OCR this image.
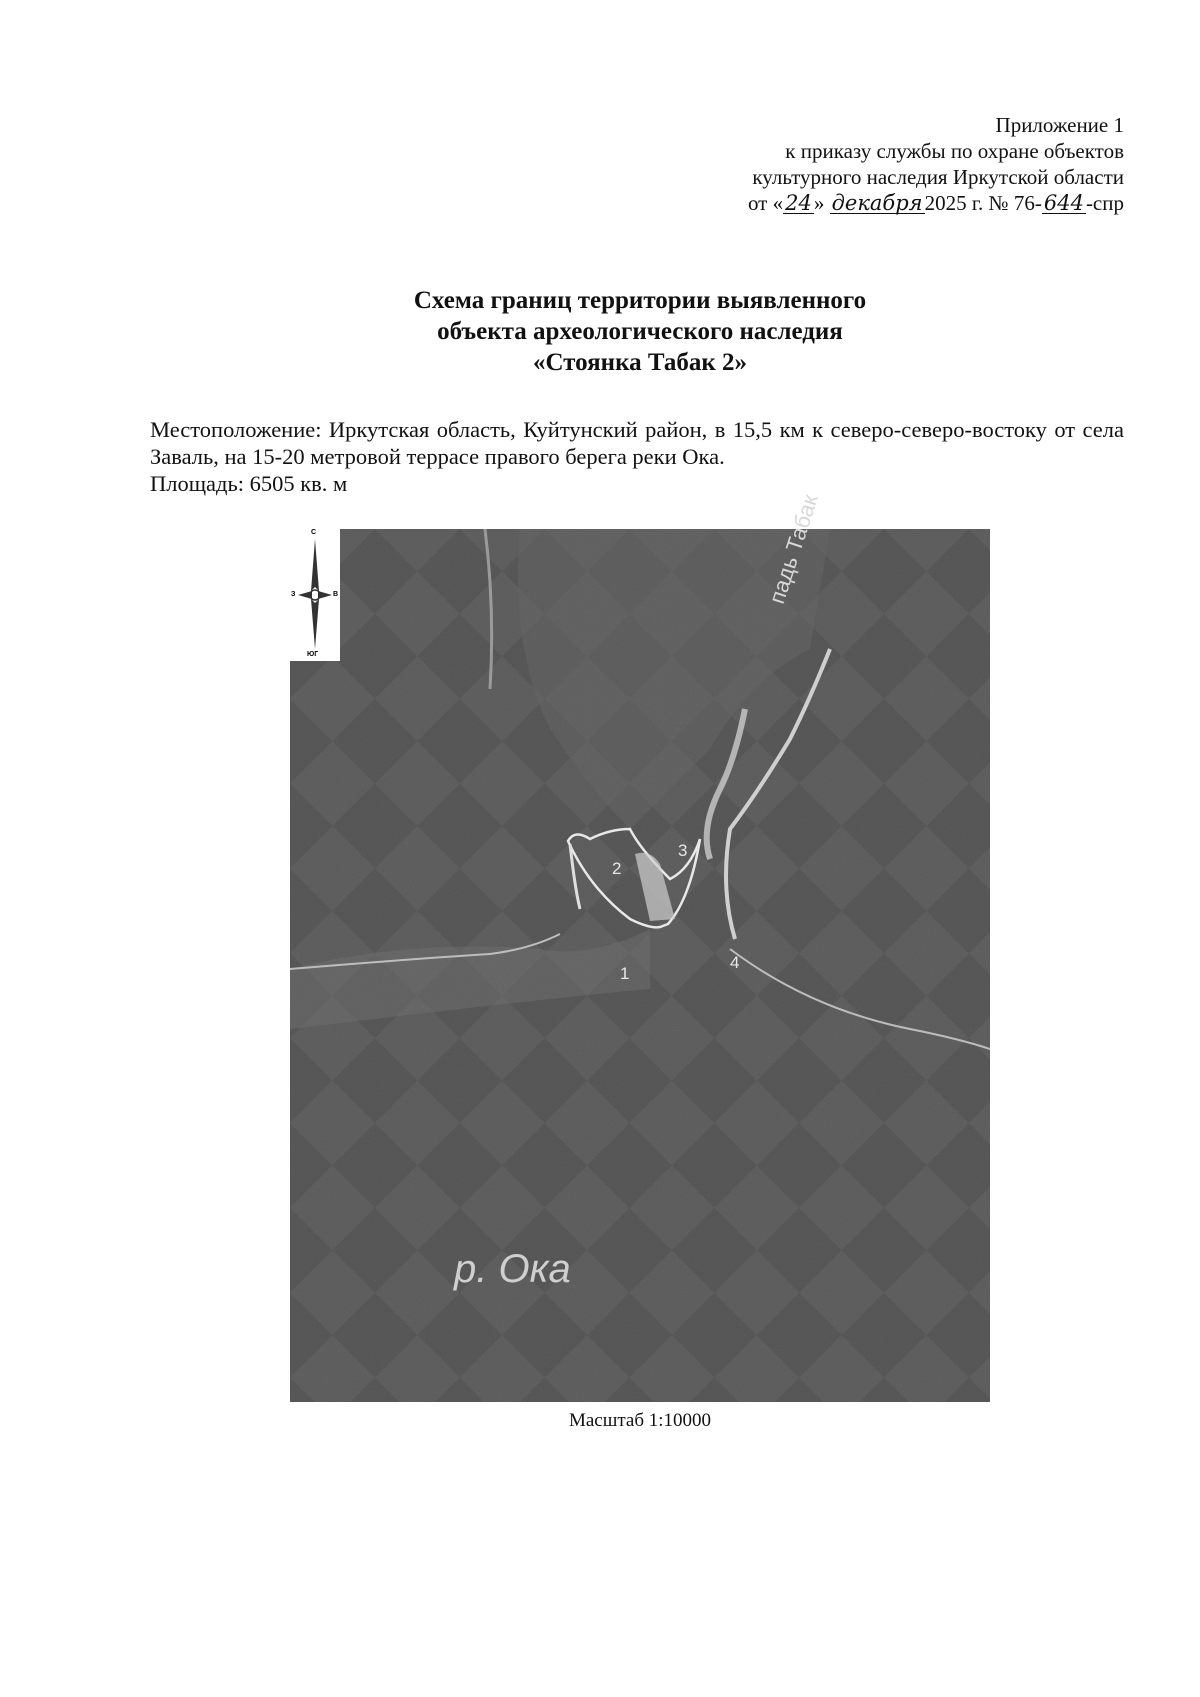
Приложение 1
к приказу службы по охране объектов
культурного наследия Иркутской области
от «24» декабря2025 г. № 76-644-спр
Схема границ территории выявленного
объекта археологического наследия
«Стоянка Табак 2»

Местоположение: Иркутская область, Куйтунский район, в 15,5 км к северо-северо-востоку от села Заваль, на 15-20 метровой террасе правого берега реки Ока.

Площадь: 6505 кв. м

С
ЮГ
З	В
1
2
3
4
р. Ока
падь Табак
Масштаб 1:10000
